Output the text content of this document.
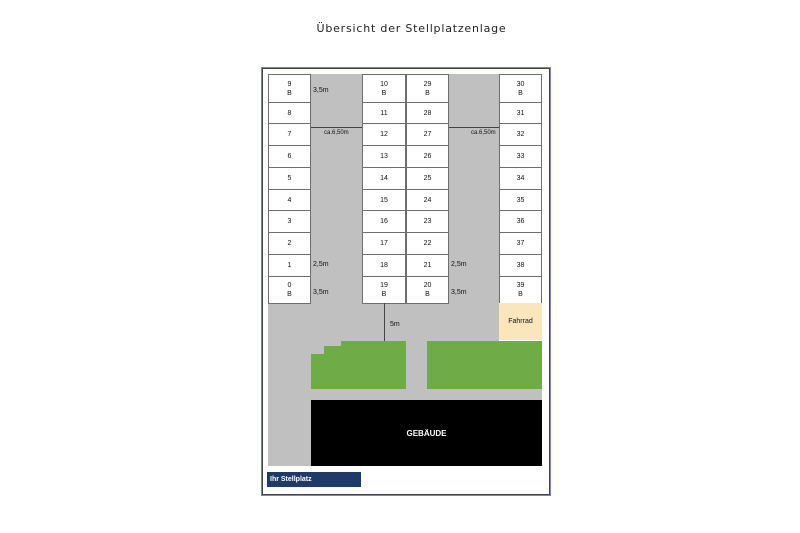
Übersicht der Stellplatzenlage
9
B
8
7
6
5
4
3
2
1
0
B
10
B
11
12
13
14
15
16
17
18
19
B
29
B
28
27
26
25
24
23
22
21
20
B
30
B
31
32
33
34
35
36
37
38
39
B
3,5m
ca.6,50m
2,5m
3,5m
ca.6,50m
2,5m
3,5m
5m	Fahrrad
GEBÄUDE
Ihr Stellplatz
